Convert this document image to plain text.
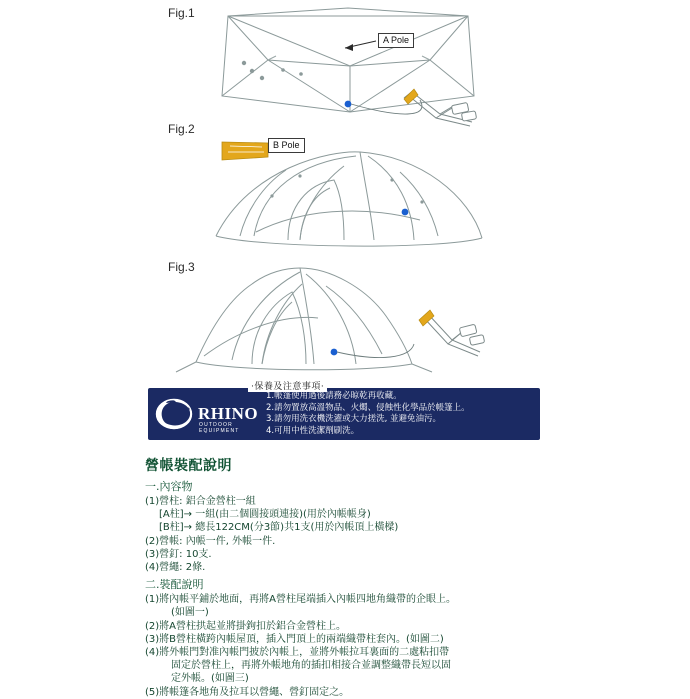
Fig.1
Fig.2
Fig.3
A Pole
B Pole
‧保養及注意事項‧
RHINO
OUTDOOR EQUIPMENT
1.帳篷使用過後請務必晾乾再收藏。
2.請勿置放高溫物品、火燭、侵蝕性化學品於帳篷上。
3.請勿用洗衣機洗濯或大力搓洗, 並避免油污。
4.可用中性洗潔劑刷洗。
營帳裝配說明
一.內容物
(1)營柱: 鋁合金營柱一組
[A柱]→ 一組(由二個圓接頭連接)(用於內帳帳身)
[B柱]→ 總長122CM(分3節)共1支(用於內帳頂上橫樑)
(2)營帳: 內帳一件, 外帳一件.
(3)營釘: 10支.
(4)營繩: 2條.
二.裝配說明
(1)將內帳平鋪於地面，再將A營柱尾端插入內帳四地角織帶的企眼上。
(如圖一)
(2)將A營柱拱起並將掛鉤扣於鋁合金營柱上。
(3)將B營柱橫跨內帳屋頂，插入門頂上的兩端織帶柱套內。(如圖二)
(4)將外帳門對准內帳門披於內帳上，並將外帳拉耳裏面的二處粘扣帶
固定於營柱上，再將外帳地角的插扣相接合並調整織帶長短以固
定外帳。(如圖三)
(5)將帳篷各地角及拉耳以營繩、營釘固定之。
